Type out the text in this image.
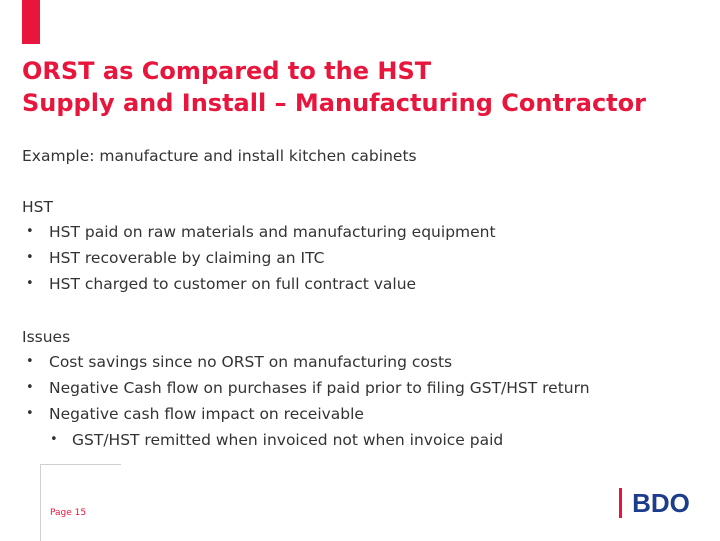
ORST as Compared to the HST
Supply and Install – Manufacturing Contractor
Example: manufacture and install kitchen cabinets
HST
• HST paid on raw materials and manufacturing equipment
• HST recoverable by claiming an ITC
• HST charged to customer on full contract value
Issues
• Cost savings since no ORST on manufacturing costs
• Negative Cash flow on purchases if paid prior to filing GST/HST return
• Negative cash flow impact on receivable
• GST/HST remitted when invoiced not when invoice paid
Page 15	BDO
